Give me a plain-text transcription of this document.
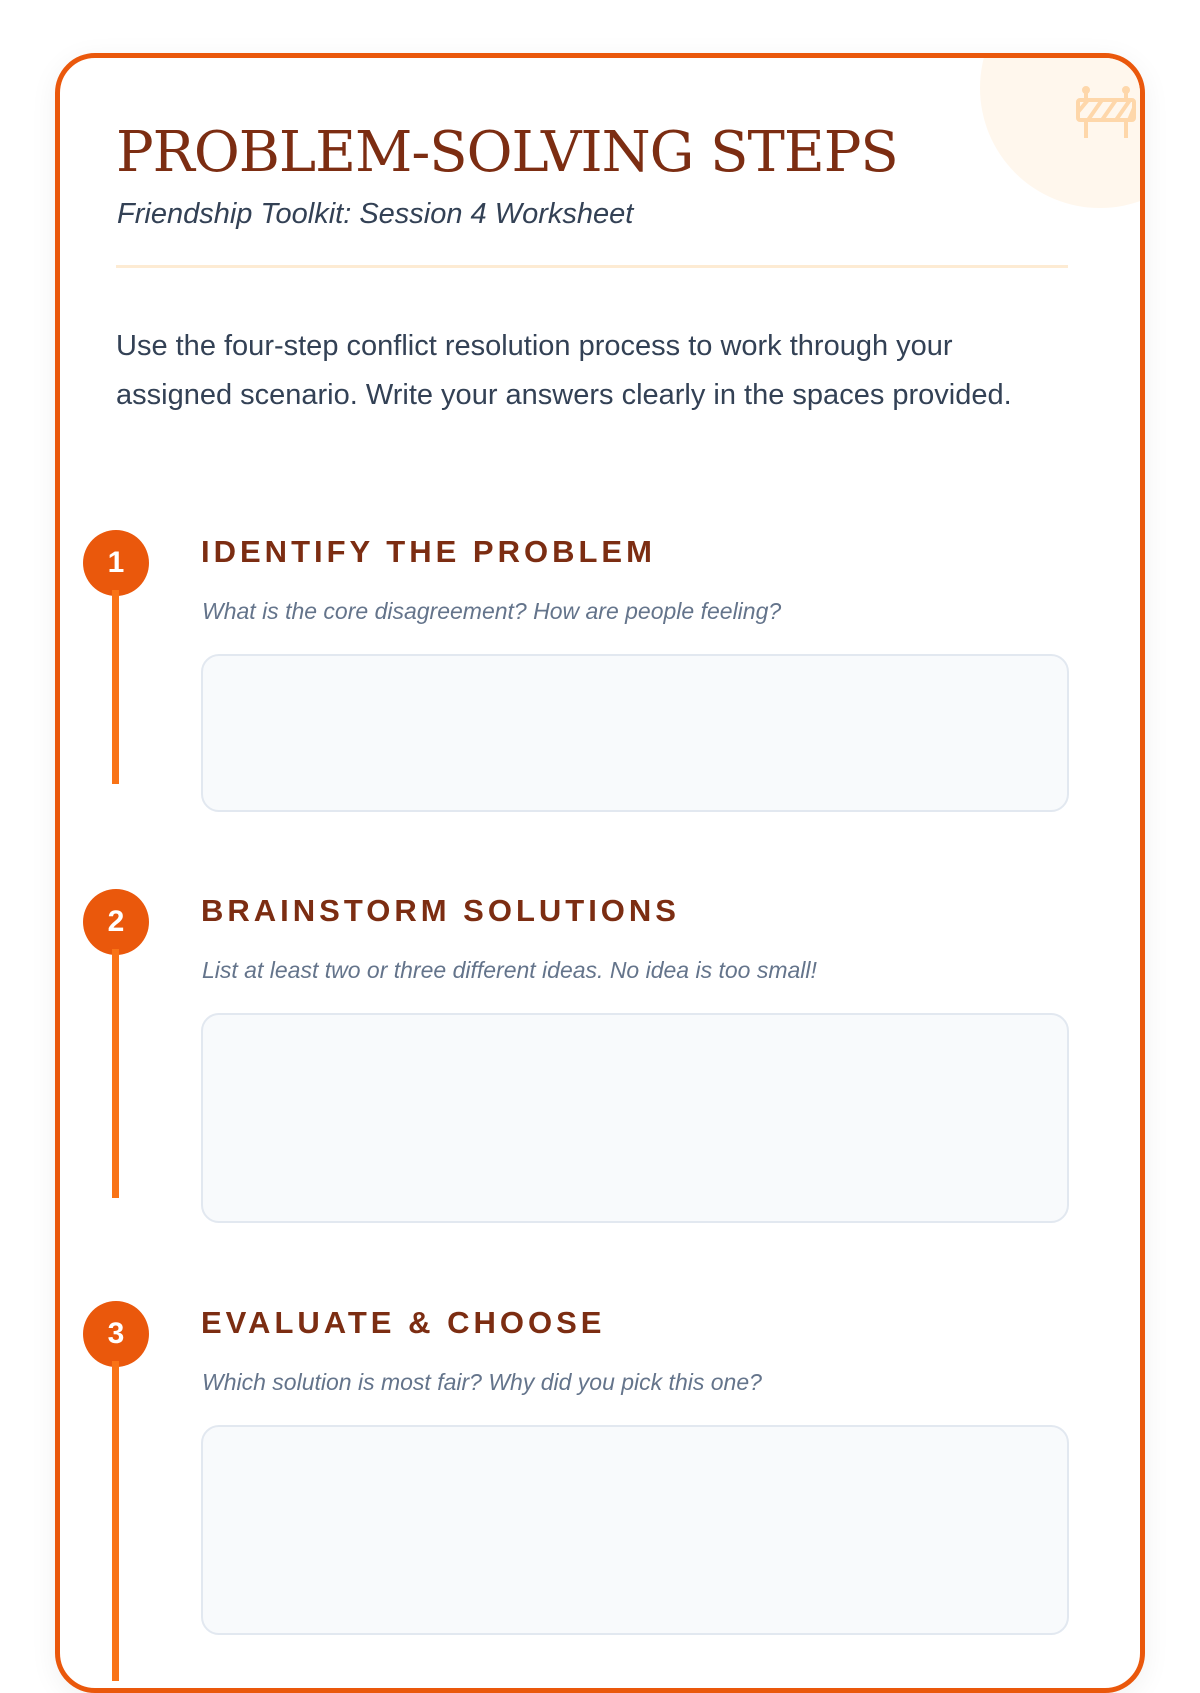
PROBLEM-SOLVING STEPS
Friendship Toolkit: Session 4 Worksheet

Use the four-step conflict resolution process to work through your assigned scenario. Write your answers clearly in the spaces provided.

1	IDENTIFY THE PROBLEM
What is the core disagreement? How are people feeling?
2	BRAINSTORM SOLUTIONS
List at least two or three different ideas. No idea is too small!
3	EVALUATE & CHOOSE
Which solution is most fair? Why did you pick this one?
